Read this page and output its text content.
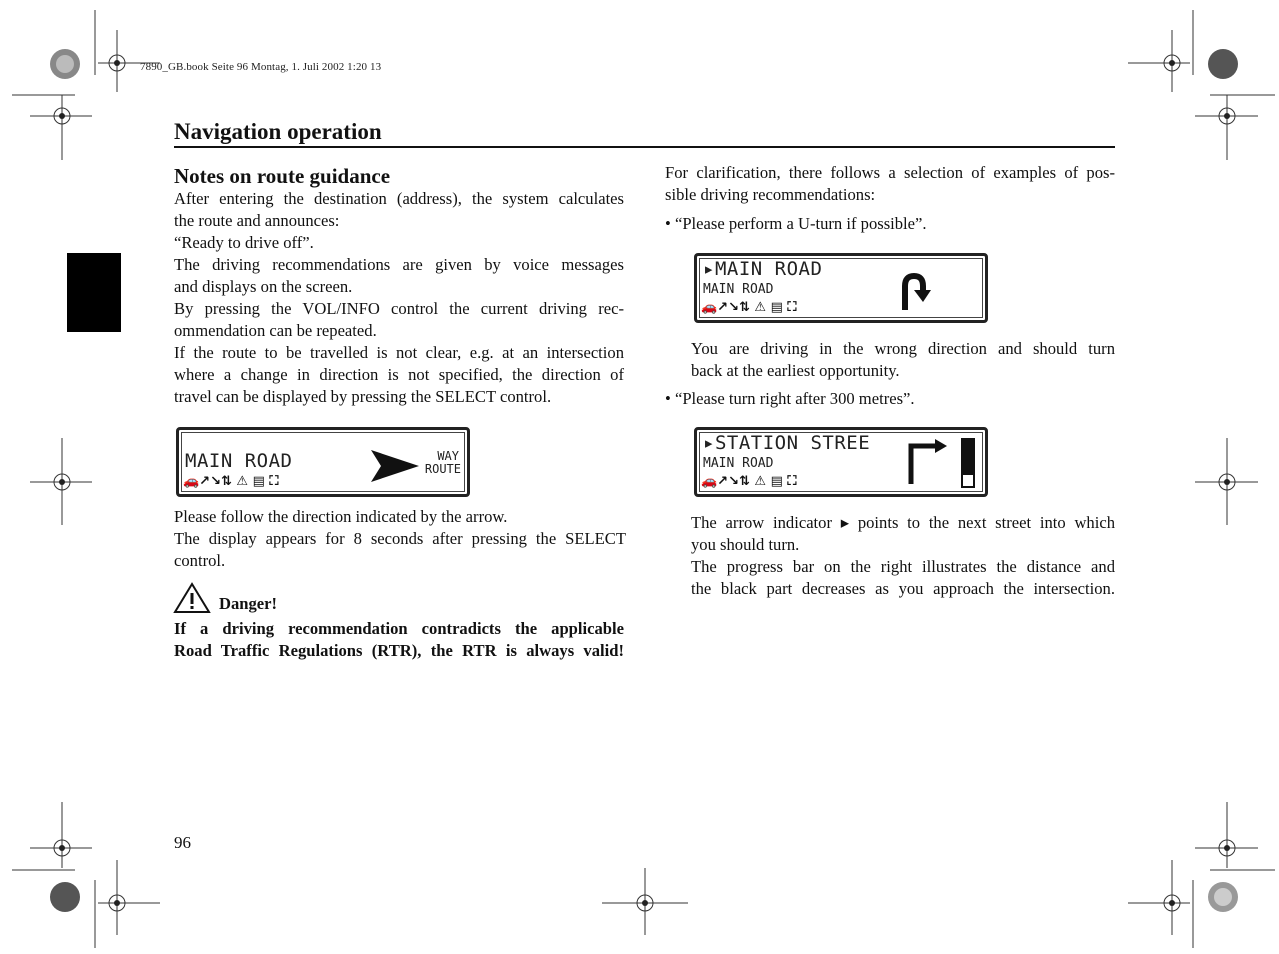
7890_GB.book Seite 96 Montag, 1. Juli 2002 1:20 13
Navigation operation
Notes on route guidance
After entering the destination (address), the system calculates
the route and announces:
“Ready to drive off”.
The driving recommendations are given by voice messages
and displays on the screen.
By pressing the VOL/INFO control the current driving rec-
ommendation can be repeated.
If the route to be travelled is not clear, e.g. at an intersection
where a change in direction is not specified, the direction of
travel can be displayed by pressing the SELECT control.
MAIN ROAD	WAY
ROUTE
🚗↗↘⇅ ⚠ ▤ ⛶
Please follow the direction indicated by the arrow.
The display appears for 8 seconds after pressing the SELECT
control.
Danger!
If a driving recommendation contradicts the applicable
Road Traffic Regulations (RTR), the RTR is always valid!
For clarification, there follows a selection of examples of pos-
sible driving recommendations:
• “Please perform a U-turn if possible”.
▸MAIN ROAD
MAIN ROAD
🚗↗↘⇅ ⚠ ▤ ⛶
You are driving in the wrong direction and should turn
back at the earliest opportunity.
• “Please turn right after 300 metres”.
▸STATION STREE
MAIN ROAD
🚗↗↘⇅ ⚠ ▤ ⛶
The arrow indicator ▸ points to the next street into which
you should turn.
The progress bar on the right illustrates the distance and
the black part decreases as you approach the intersection.
96
